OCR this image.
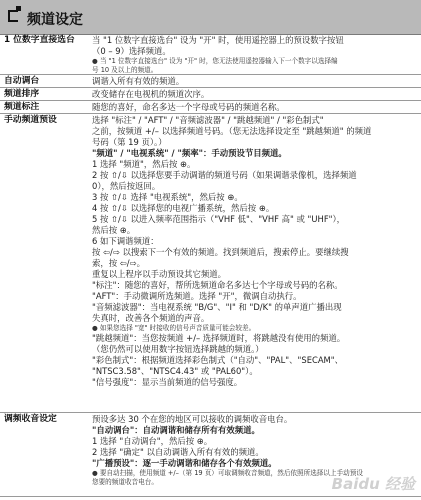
频道设定
1 位数字直接选台	当 "1 位数字直接选台" 设为 "开" 时，使用遥控器上的预设数字按钮

（0 – 9）选择频道。

● 当 "1 位数字直接选台" 设为 "开" 时，您无法使用遥控器输入下一个数字以选择编

号 10 及以上的频道。

自动调台	调谐入所有有效的频道。

频道排序	改变储存在电视机的频道次序。

频道标注	随您的喜好，命名多达一个字母或号码的频道名称。

手动频道预设	选择 "标注" / "AFT" / "音频滤波器" / "跳越频道" / "彩色制式"

之前，按频道 +/– 以选择频道号码。（您无法选择设定至 "跳越频道" 的频道

号码（第 19 页）。）

"频道" / "电视系统" / "频率"：手动预设节目频道。

1 选择 "频道"，然后按 ⊕。

2 按 ⇧/⇩ 以选择您要手动调谐的频道号码（如果调谐录像机，选择频道

0），然后按返回。

3 按 ⇧/⇩ 选择 "电视系统"，然后按 ⊕。

4 按 ⇧/⇩ 以选择您的电视广播系统，然后按 ⊕。

5 按 ⇧/⇩ 以进入频率范围指示（"VHF 低"、"VHF 高" 或 "UHF"），

然后按 ⊕。

6 如下调谐频道：

按 ⇦/⇨ 以搜索下一个有效的频道。找到频道后，搜索停止。要继续搜

索，按 ⇦/⇨。

重复以上程序以手动预设其它频道。

"标注"：随您的喜好，帮所选频道命名多达七个字母或号码的名称。

"AFT"：手动微调所选频道。选择 "开"，微调自动执行。

"音频滤波器"：当电视系统 "B/G"、"I" 和 "D/K" 的单声道广播出现

失真时，改善各个频道的声音。

● 如果您选择 "宽" 时接收的信号声音质量可能会较差。

"跳越频道"：当您按频道 +/– 选择频道时，将跳越没有使用的频道。

（您仍然可以使用数字按钮选择跳越的频道。）

"彩色制式"：根据频道选择彩色制式（"自动"、"PAL"、"SECAM"、

"NTSC3.58"、"NTSC4.43" 或 "PAL60"）。

"信号强度"：显示当前频道的信号强度。

调频收音设定	预设多达 30 个在您的地区可以接收的调频收音电台。

"自动调台"：自动调谐和储存所有有效频道。

1 选择 "自动调台"，然后按 ⊕。

2 选择 "确定" 以自动调谐入所有有效的频道。

"广播预设"：逐一手动调谐和储存各个有效频道。

● 要自动扫描，使用频道 +/–（第 19 页）可取调频收音频道，然后依照所选择以上手动预设

您要的频道收音电台。	Baidu 经验
